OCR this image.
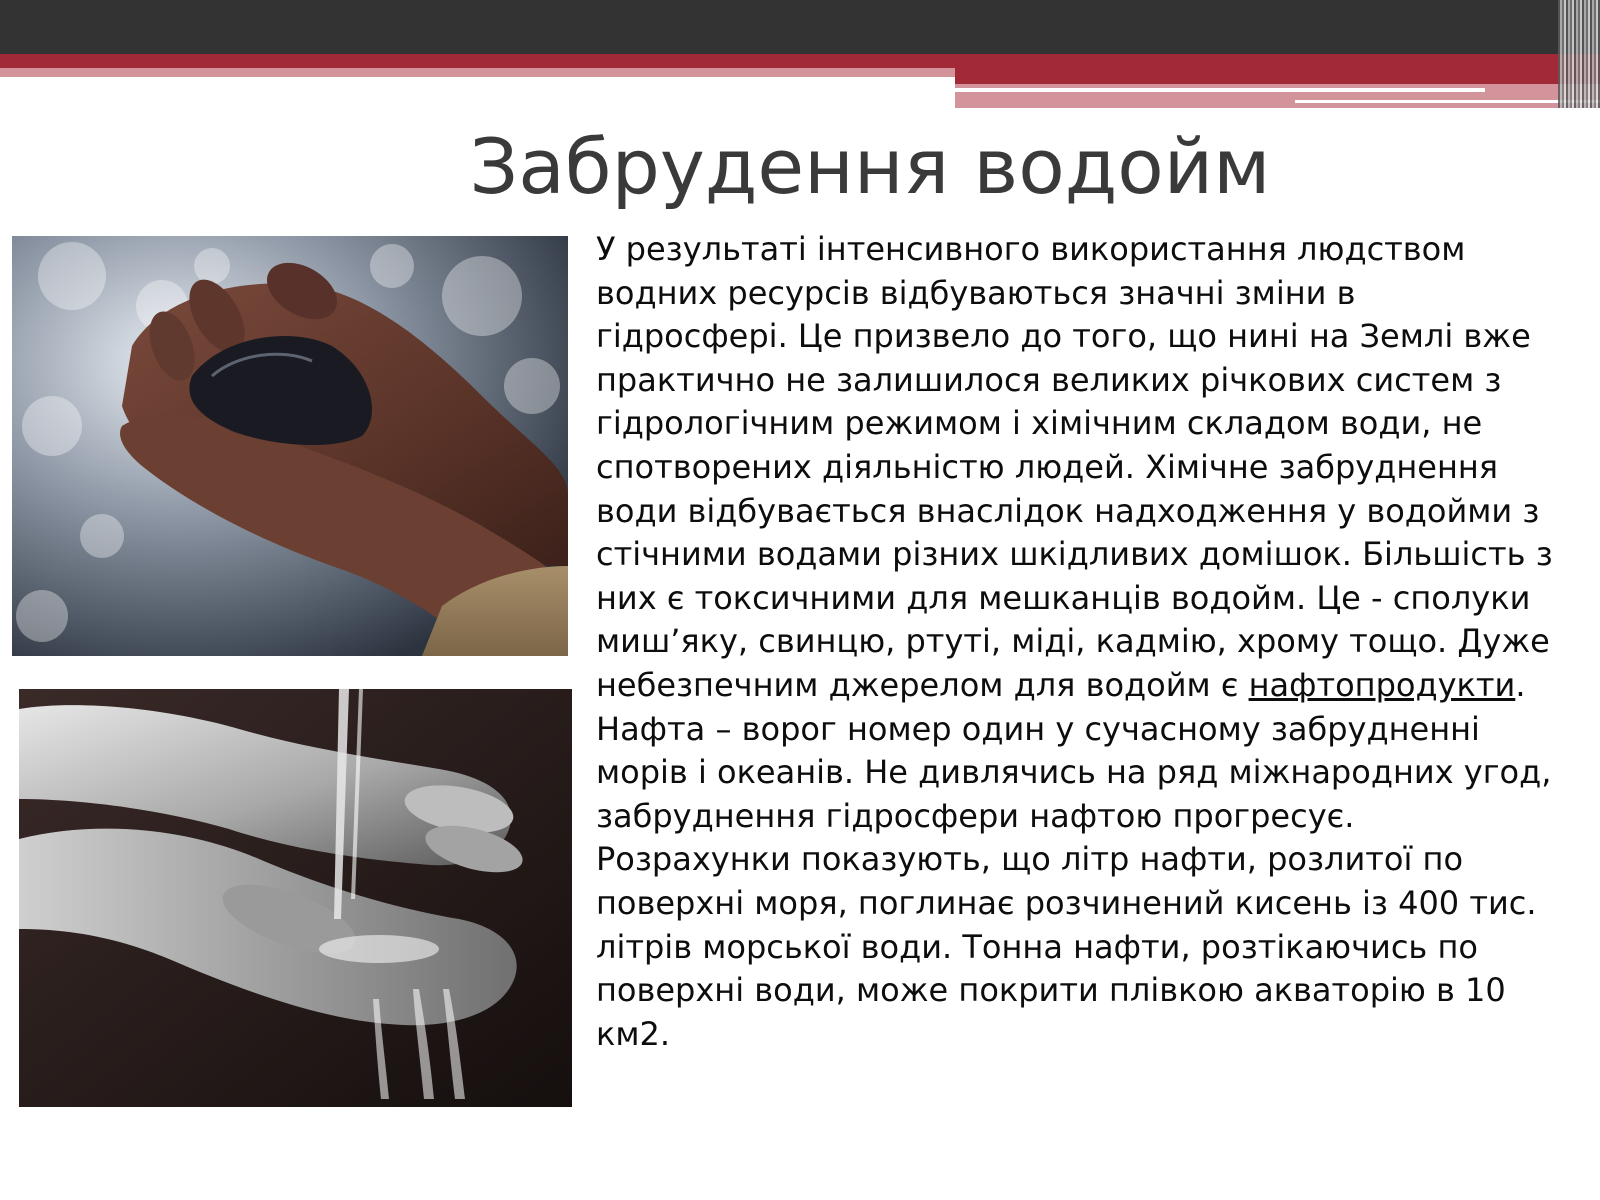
Забрудення водойм

У результаті інтенсивного використання людством водних ресурсів відбуваються значні зміни в гідросфері. Це призвело до того, що нині на Землі вже практично не залишилося великих річкових систем з гідрологічним режимом і хімічним складом води, не спотворених діяльністю людей. Хімічне забруднення води відбувається внаслідок надходження у водойми з стічними водами різних шкідливих домішок. Більшість з них є токсичними для мешканців водойм. Це - сполуки миш’яку, свинцю, ртуті, міді, кадмію, хрому тощо. Дуже небезпечним джерелом для водойм є нафтопродукти. Нафта – ворог номер один у сучасному забрудненні морів і океанів. Не дивлячись на ряд міжнародних угод, забруднення гідросфери нафтою прогресує. Розрахунки показують, що літр нафти, розлитої по поверхні моря, поглинає розчинений кисень із 400 тис. літрів морської води. Тонна нафти, розтікаючись по поверхні води, може покрити плівкою акваторію в 10 км2.
